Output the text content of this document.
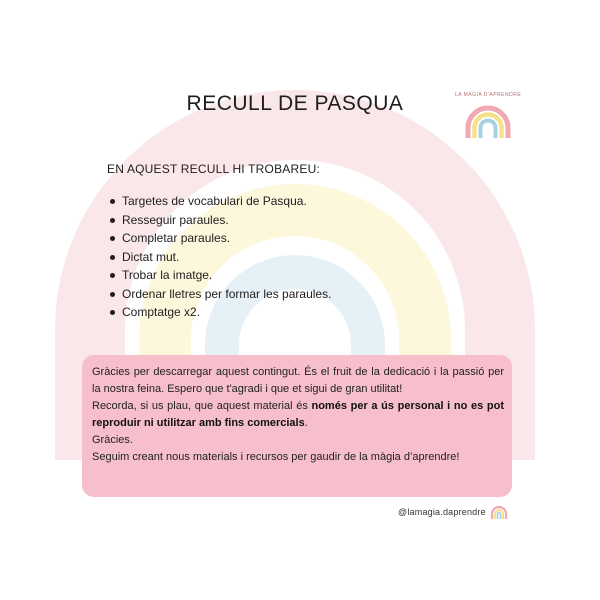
RECULL DE PASQUA	LA MÀGIA D'APRENDRE

EN AQUEST RECULL HI TROBAREU:

Targetes de vocabulari de Pasqua.
Resseguir paraules.
Completar paraules.
Dictat mut.
Trobar la imatge.
Ordenar lletres per formar les paraules.
Comptatge x2.

Gràcies per descarregar aquest contingut. És el fruit de la dedicació i la passió per la nostra feina. Espero que t'agradi i que et sigui de gran utilitat!

Recorda, si us plau, que aquest material és només per a ús personal i no es pot reproduir ni utilitzar amb fins comercials.

Gràcies.

Seguim creant nous materials i recursos per gaudir de la màgia d’aprendre!

@lamagia.daprendre
